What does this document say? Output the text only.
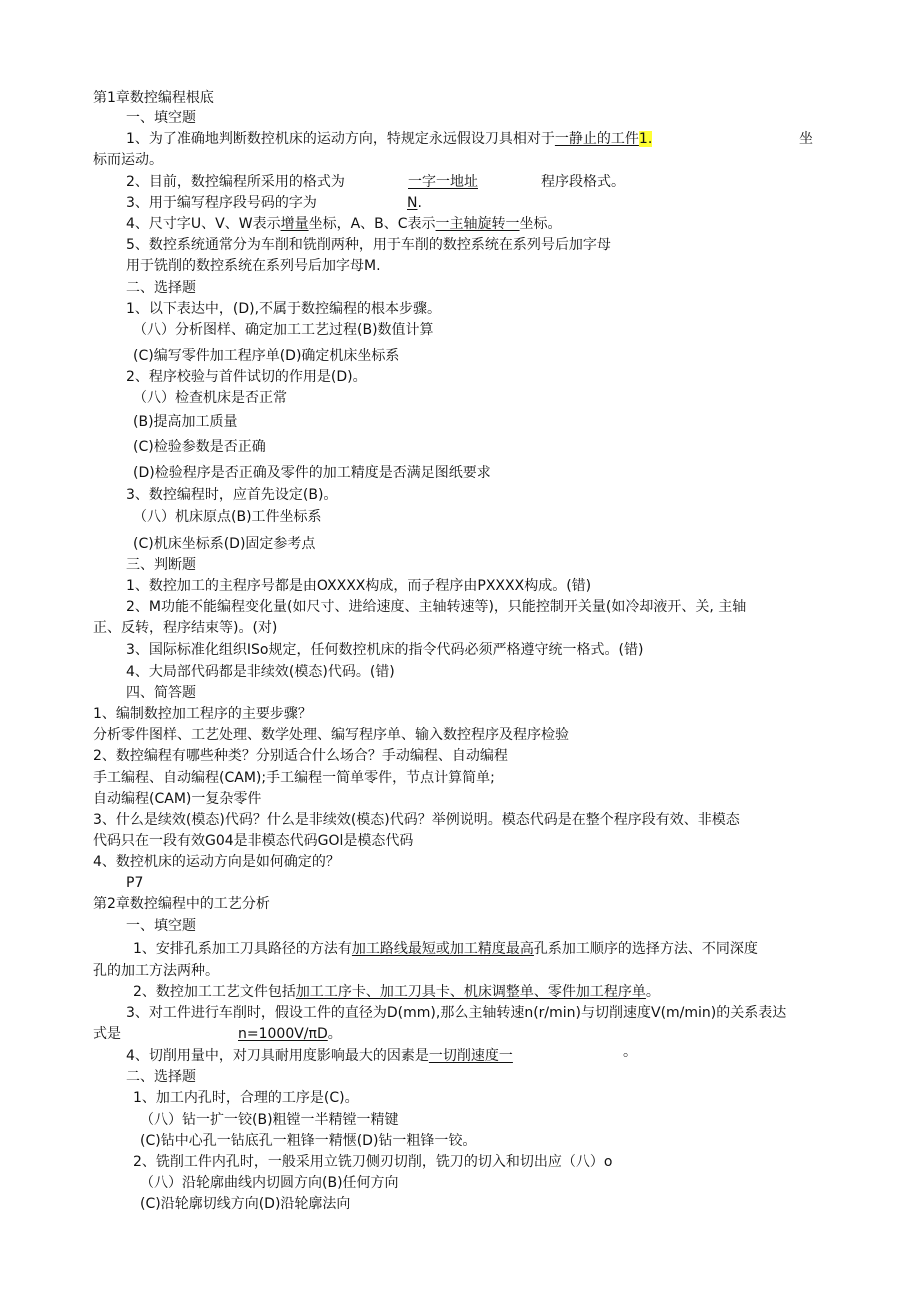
第1章数控编程根底
一、填空题
1、为了准确地判断数控机床的运动方向，特规定永远假设刀具相对于一静止的工件1.	坐
标而运动。
2、目前，数控编程所采用的格式为	一字一地址	程序段格式。
3、用于编写程序段号码的字为	N.
4、尺寸字U、V、W表示增量坐标，A、B、C表示一主轴旋转一坐标。
5、数控系统通常分为车削和铣削两种，用于车削的数控系统在系列号后加字母
用于铣削的数控系统在系列号后加字母M.
二、选择题
1、以下表达中，(D),不属于数控编程的根本步骤。
（八）分析图样、确定加工工艺过程(B)数值计算
(C)编写零件加工程序单(D)确定机床坐标系
2、程序校验与首件试切的作用是(D)。
（八）检查机床是否正常
(B)提高加工质量
(C)检验参数是否正确
(D)检验程序是否正确及零件的加工精度是否满足图纸要求
3、数控编程时，应首先设定(B)。
（八）机床原点(B)工件坐标系
(C)机床坐标系(D)固定参考点
三、判断题
1、数控加工的主程序号都是由OXXXX构成，而子程序由PXXXX构成。(错)
2、M功能不能编程变化量(如尺寸、进给速度、主轴转速等)，只能控制开关量(如冷却液开、关, 主轴
正、反转，程序结束等)。(对)
3、国际标准化组织ISo规定，任何数控机床的指令代码必须严格遵守统一格式。(错)
4、大局部代码都是非续效(模态)代码。(错)
四、简答题
1、编制数控加工程序的主要步骤？
分析零件图样、工艺处理、数学处理、编写程序单、输入数控程序及程序检验
2、数控编程有哪些种类？分别适合什么场合？手动编程、自动编程
手工编程、自动编程(CAM);手工编程一简单零件，节点计算简单;
自动编程(CAM)一复杂零件
3、什么是续效(模态)代码？什么是非续效(模态)代码？举例说明。模态代码是在整个程序段有效、非模态
代码只在一段有效G04是非模态代码GOl是模态代码
4、数控机床的运动方向是如何确定的？
P7
第2章数控编程中的工艺分析
一、填空题
1、安排孔系加工刀具路径的方法有加工路线最短或加工精度最高孔系加工顺序的选择方法、不同深度
孔的加工方法两种。
2、数控加工工艺文件包括加工工序卡、加工刀具卡、机床调整单、零件加工程序单。
3、对工件进行车削时，假设工件的直径为D(mm),那么主轴转速n(r/min)与切削速度V(m/min)的关系表达
式是	n=1000V/πD。
4、切削用量中，对刀具耐用度影响最大的因素是一切削速度一	。
二、选择题
1、加工内孔时，合理的工序是(C)。
（八）钻一扩一铰(B)粗镗一半精镗一精键
(C)钻中心孔一钻底孔一粗锋一精惬(D)钻一粗锋一铰。
2、铣削工件内孔时，一般采用立铣刀侧刃切削，铣刀的切入和切出应（八）o
（八）沿轮廓曲线内切圆方向(B)任何方向
(C)沿轮廓切线方向(D)沿轮廓法向
